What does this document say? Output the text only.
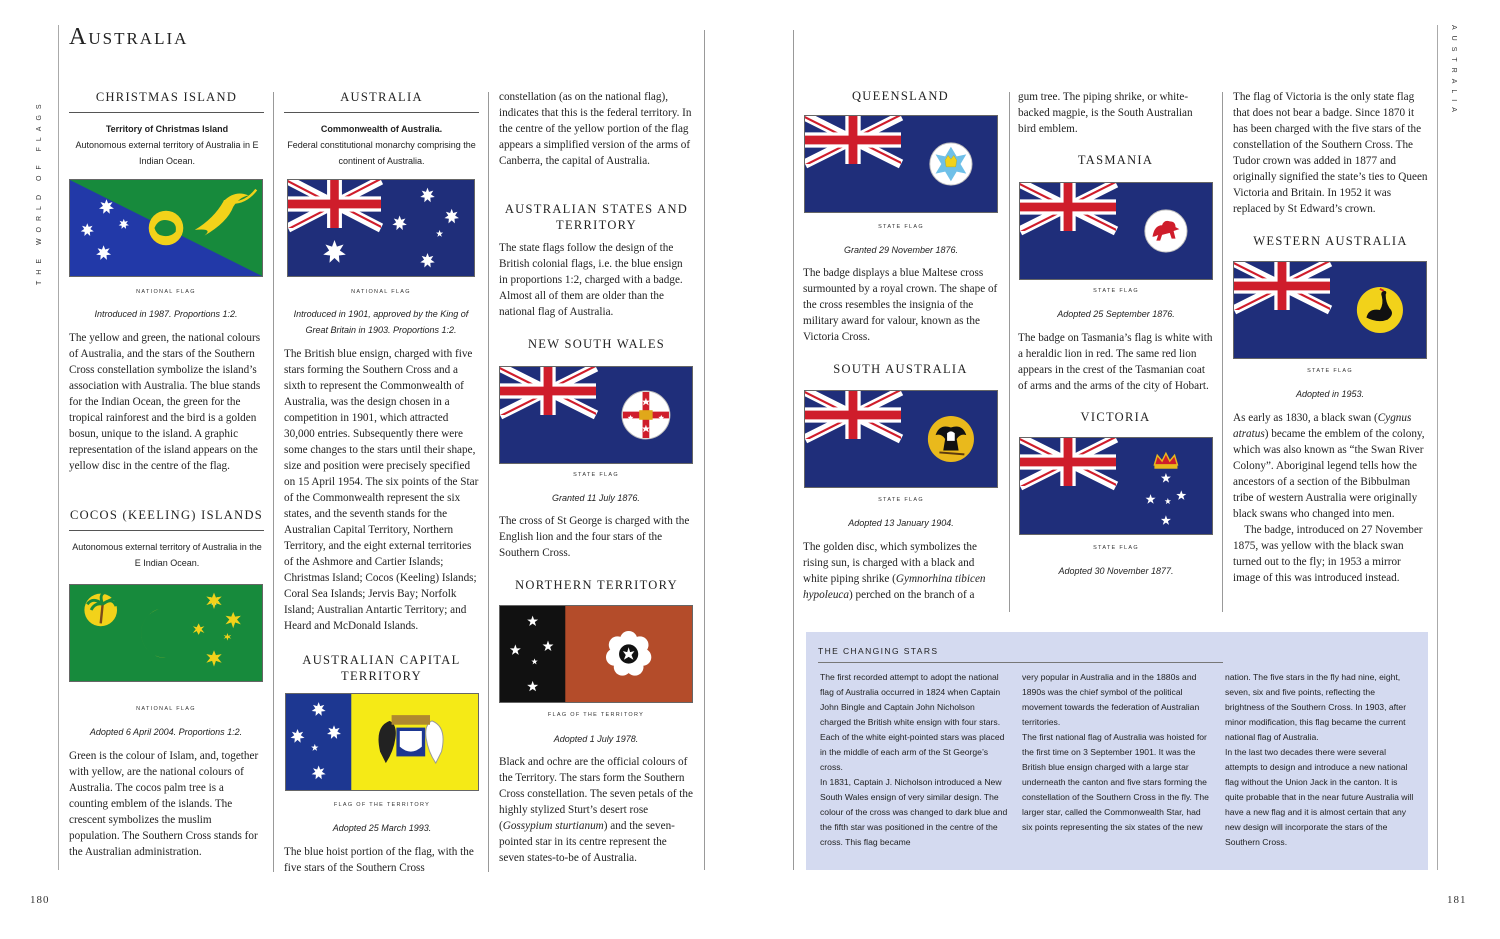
THE WORLD OF FLAGS
AUSTRALIA
Australia
CHRISTMAS ISLAND
Territory of Christmas Island
Autonomous external territory of Australia in E Indian Ocean.
NATIONAL FLAG
Introduced in 1987. Proportions 1:2.
The yellow and green, the national colours of Australia, and the stars of the Southern Cross constellation symbolize the island’s association with Australia. The blue stands for the Indian Ocean, the green for the tropical rainforest and the bird is a golden bosun, unique to the island. A graphic representation of the island appears on the yellow disc in the centre of the flag.
COCOS (KEELING) ISLANDS
Autonomous external territory of Australia in the E Indian Ocean.
NATIONAL FLAG
Adopted 6 April 2004. Proportions 1:2.
Green is the colour of Islam, and, together with yellow, are the national colours of Australia. The cocos palm tree is a counting emblem of the islands. The crescent symbolizes the muslim population. The Southern Cross stands for the Australian administration.
AUSTRALIA
Commonwealth of Australia.
Federal constitutional monarchy comprising the continent of Australia.
NATIONAL FLAG
Introduced in 1901, approved by the King of Great Britain in 1903. Proportions 1:2.
The British blue ensign, charged with five stars forming the Southern Cross and a sixth to represent the Commonwealth of Australia, was the design chosen in a competition in 1901, which attracted 30,000 entries. Subsequently there were some changes to the stars until their shape, size and position were precisely specified on 15 April 1954. The six points of the Star of the Commonwealth represent the six states, and the seventh stands for the Australian Capital Territory, Northern Territory, and the eight external territories of the Ashmore and Cartier Islands; Christmas Island; Cocos (Keeling) Islands; Coral Sea Islands; Jervis Bay; Norfolk Island; Australian Antartic Territory; and Heard and McDonald Islands.
AUSTRALIAN CAPITAL TERRITORY
FLAG OF THE TERRITORY
Adopted 25 March 1993.
The blue hoist portion of the flag, with the five stars of the Southern Cross
constellation (as on the national flag), indicates that this is the federal territory. In the centre of the yellow portion of the flag appears a simplified version of the arms of Canberra, the capital of Australia.
AUSTRALIAN STATES AND TERRITORY
The state flags follow the design of the British colonial flags, i.e. the blue ensign in proportions 1:2, charged with a badge. Almost all of them are older than the national flag of Australia.
NEW SOUTH WALES
STATE FLAG
Granted 11 July 1876.
The cross of St George is charged with the English lion and the four stars of the Southern Cross.
NORTHERN TERRITORY
FLAG OF THE TERRITORY
Adopted 1 July 1978.
Black and ochre are the official colours of the Territory. The stars form the Southern Cross constellation. The seven petals of the highly stylized Sturt’s desert rose (Gossypium sturtianum) and the seven-pointed star in its centre represent the seven states-to-be of Australia.
QUEENSLAND
STATE FLAG
Granted 29 November 1876.
The badge displays a blue Maltese cross surmounted by a royal crown. The shape of the cross resembles the insignia of the military award for valour, known as the Victoria Cross.
SOUTH AUSTRALIA
STATE FLAG
Adopted 13 January 1904.
The golden disc, which symbolizes the rising sun, is charged with a black and white piping shrike (Gymnorhina tibicen hypoleuca) perched on the branch of a
gum tree. The piping shrike, or white-backed magpie, is the South Australian bird emblem.
TASMANIA
STATE FLAG
Adopted 25 September 1876.
The badge on Tasmania’s flag is white with a heraldic lion in red. The same red lion appears in the crest of the Tasmanian coat of arms and the arms of the city of Hobart.
VICTORIA
STATE FLAG
Adopted 30 November 1877.
The flag of Victoria is the only state flag that does not bear a badge. Since 1870 it has been charged with the five stars of the constellation of the Southern Cross. The Tudor crown was added in 1877 and originally signified the state’s ties to Queen Victoria and Britain. In 1952 it was replaced by St Edward’s crown.
WESTERN AUSTRALIA
STATE FLAG
Adopted in 1953.
As early as 1830, a black swan (Cygnus atratus) became the emblem of the colony, which was also known as “the Swan River Colony”. Aboriginal legend tells how the ancestors of a section of the Bibbulman tribe of western Australia were originally black swans who changed into men.
The badge, introduced on 27 November 1875, was yellow with the black swan turned out to the fly; in 1953 a mirror image of this was introduced instead.
THE CHANGING STARS
The first recorded attempt to adopt the national flag of Australia occurred in 1824 when Captain John Bingle and Captain John Nicholson charged the British white ensign with four stars. Each of the white eight-pointed stars was placed in the middle of each arm of the St George’s cross.
In 1831, Captain J. Nicholson introduced a New South Wales ensign of very similar design. The colour of the cross was changed to dark blue and the fifth star was positioned in the centre of the cross. This flag became
very popular in Australia and in the 1880s and 1890s was the chief symbol of the political movement towards the federation of Australian territories.
The first national flag of Australia was hoisted for the first time on 3 September 1901. It was the British blue ensign charged with a large star underneath the canton and five stars forming the constellation of the Southern Cross in the fly. The larger star, called the Commonwealth Star, had six points representing the six states of the new
nation. The five stars in the fly had nine, eight, seven, six and five points, reflecting the brightness of the Southern Cross. In 1903, after minor modification, this flag became the current national flag of Australia.
In the last two decades there were several attempts to design and introduce a new national flag without the Union Jack in the canton. It is quite probable that in the near future Australia will have a new flag and it is almost certain that any new design will incorporate the stars of the Southern Cross.
180	181
